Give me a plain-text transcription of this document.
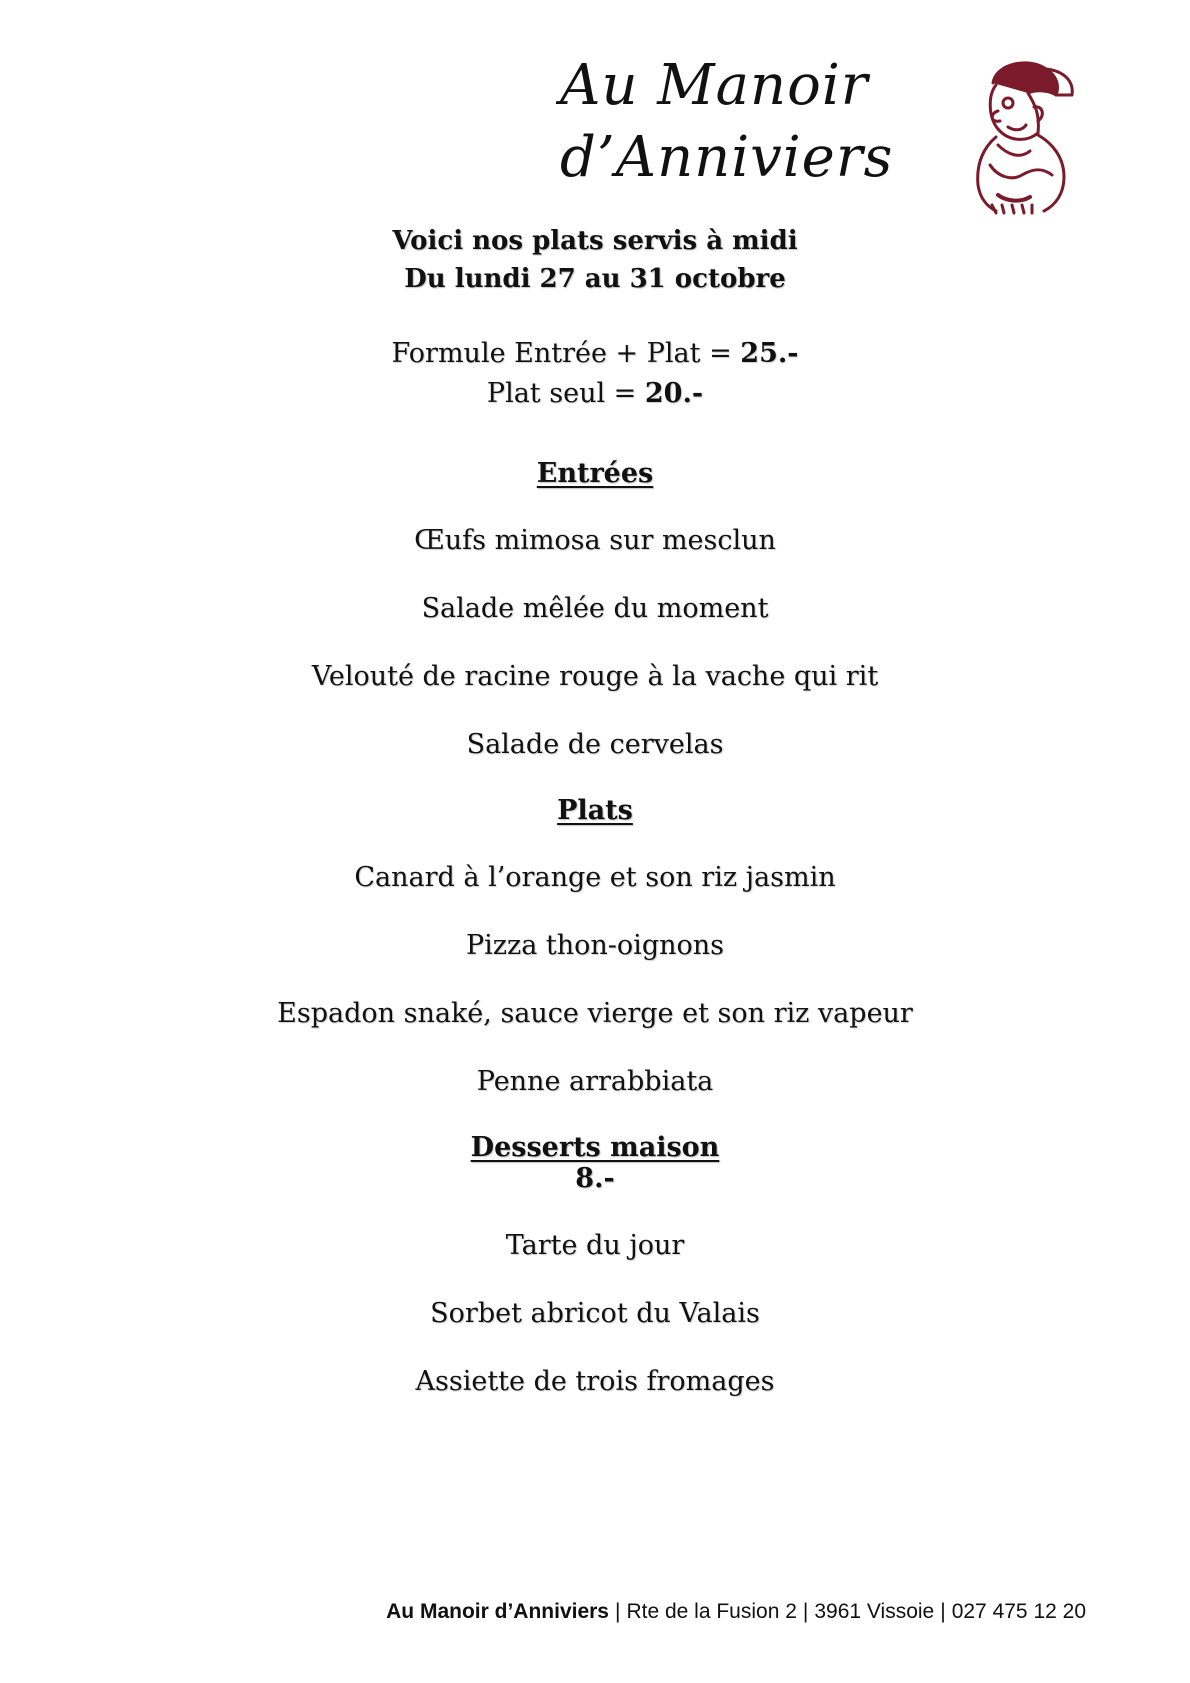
Au Manoir
d’Anniviers

Voici nos plats servis à midi

Du lundi 27 au 31 octobre

Formule Entrée + Plat = 25.-
Plat seul = 20.-

Entrées

Œufs mimosa sur mesclun

Salade mêlée du moment

Velouté de racine rouge à la vache qui rit

Salade de cervelas

Plats

Canard à l’orange et son riz jasmin

Pizza thon-oignons

Espadon snaké, sauce vierge et son riz vapeur

Penne arrabbiata

Desserts maison

8.-

Tarte du jour

Sorbet abricot du Valais

Assiette de trois fromages

Au Manoir d’Anniviers | Rte de la Fusion 2 | 3961 Vissoie | 027 475 12 20
